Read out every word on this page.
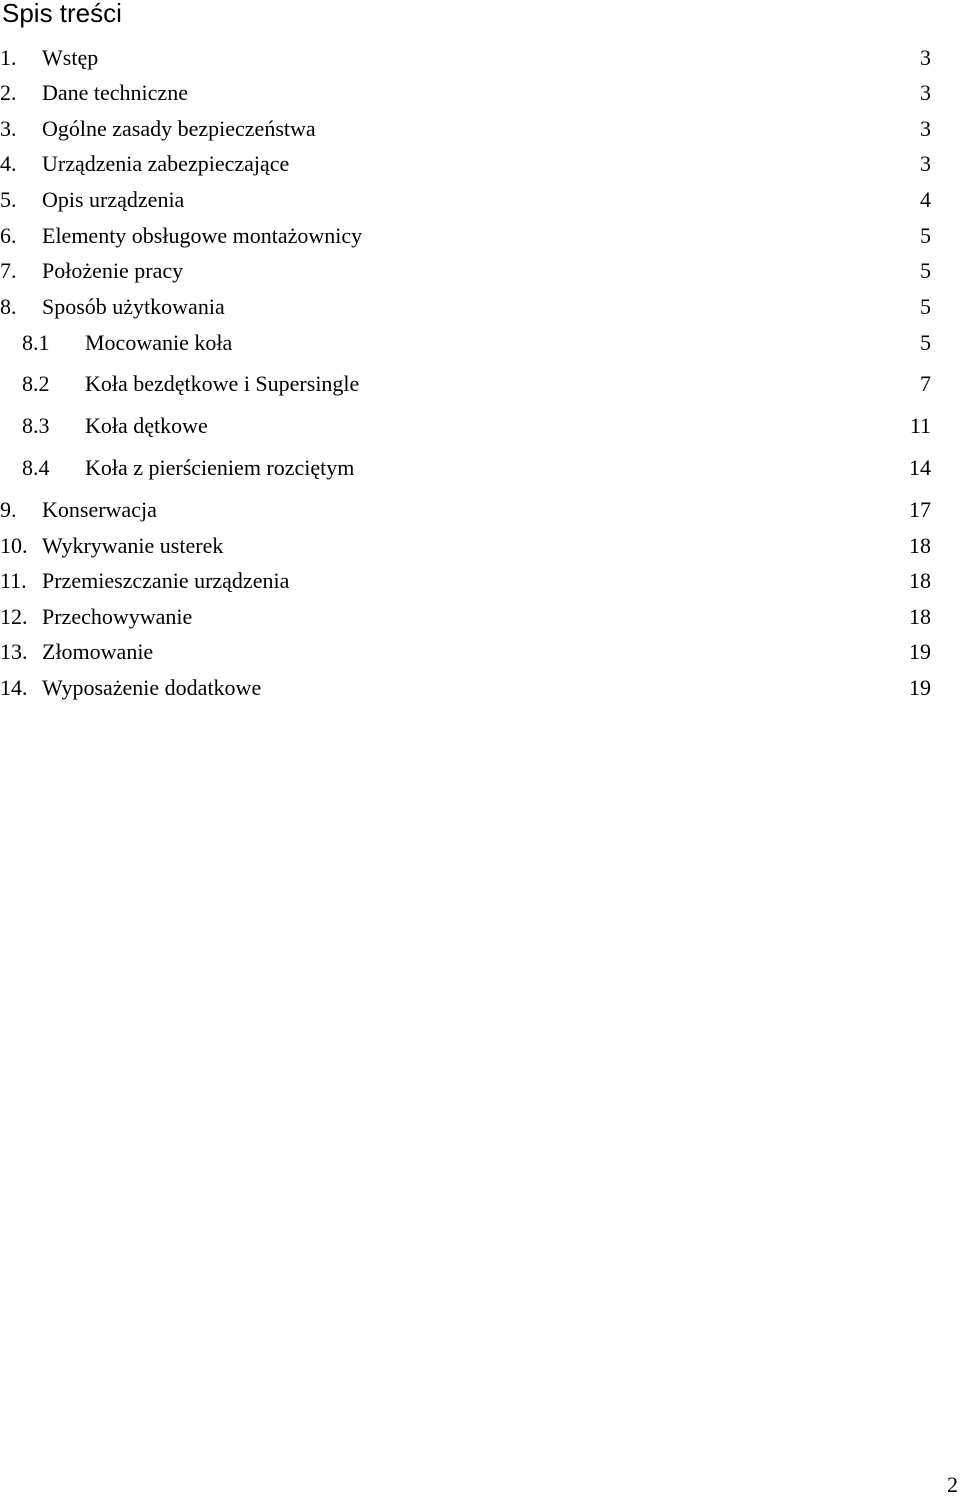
Spis treści
1. Wstęp	3
2. Dane techniczne	3
3. Ogólne zasady bezpieczeństwa	3
4. Urządzenia zabezpieczające	3
5. Opis urządzenia	4
6. Elementy obsługowe montażownicy	5
7. Położenie pracy	5
8. Sposób użytkowania	5
8.1 Mocowanie koła	5
8.2 Koła bezdętkowe i Supersingle	7
8.3 Koła dętkowe	11
8.4 Koła z pierścieniem rozciętym	14
9. Konserwacja	17
10. Wykrywanie usterek	18
11. Przemieszczanie urządzenia	18
12. Przechowywanie	18
13. Złomowanie	19
14. Wyposażenie dodatkowe	19
2
